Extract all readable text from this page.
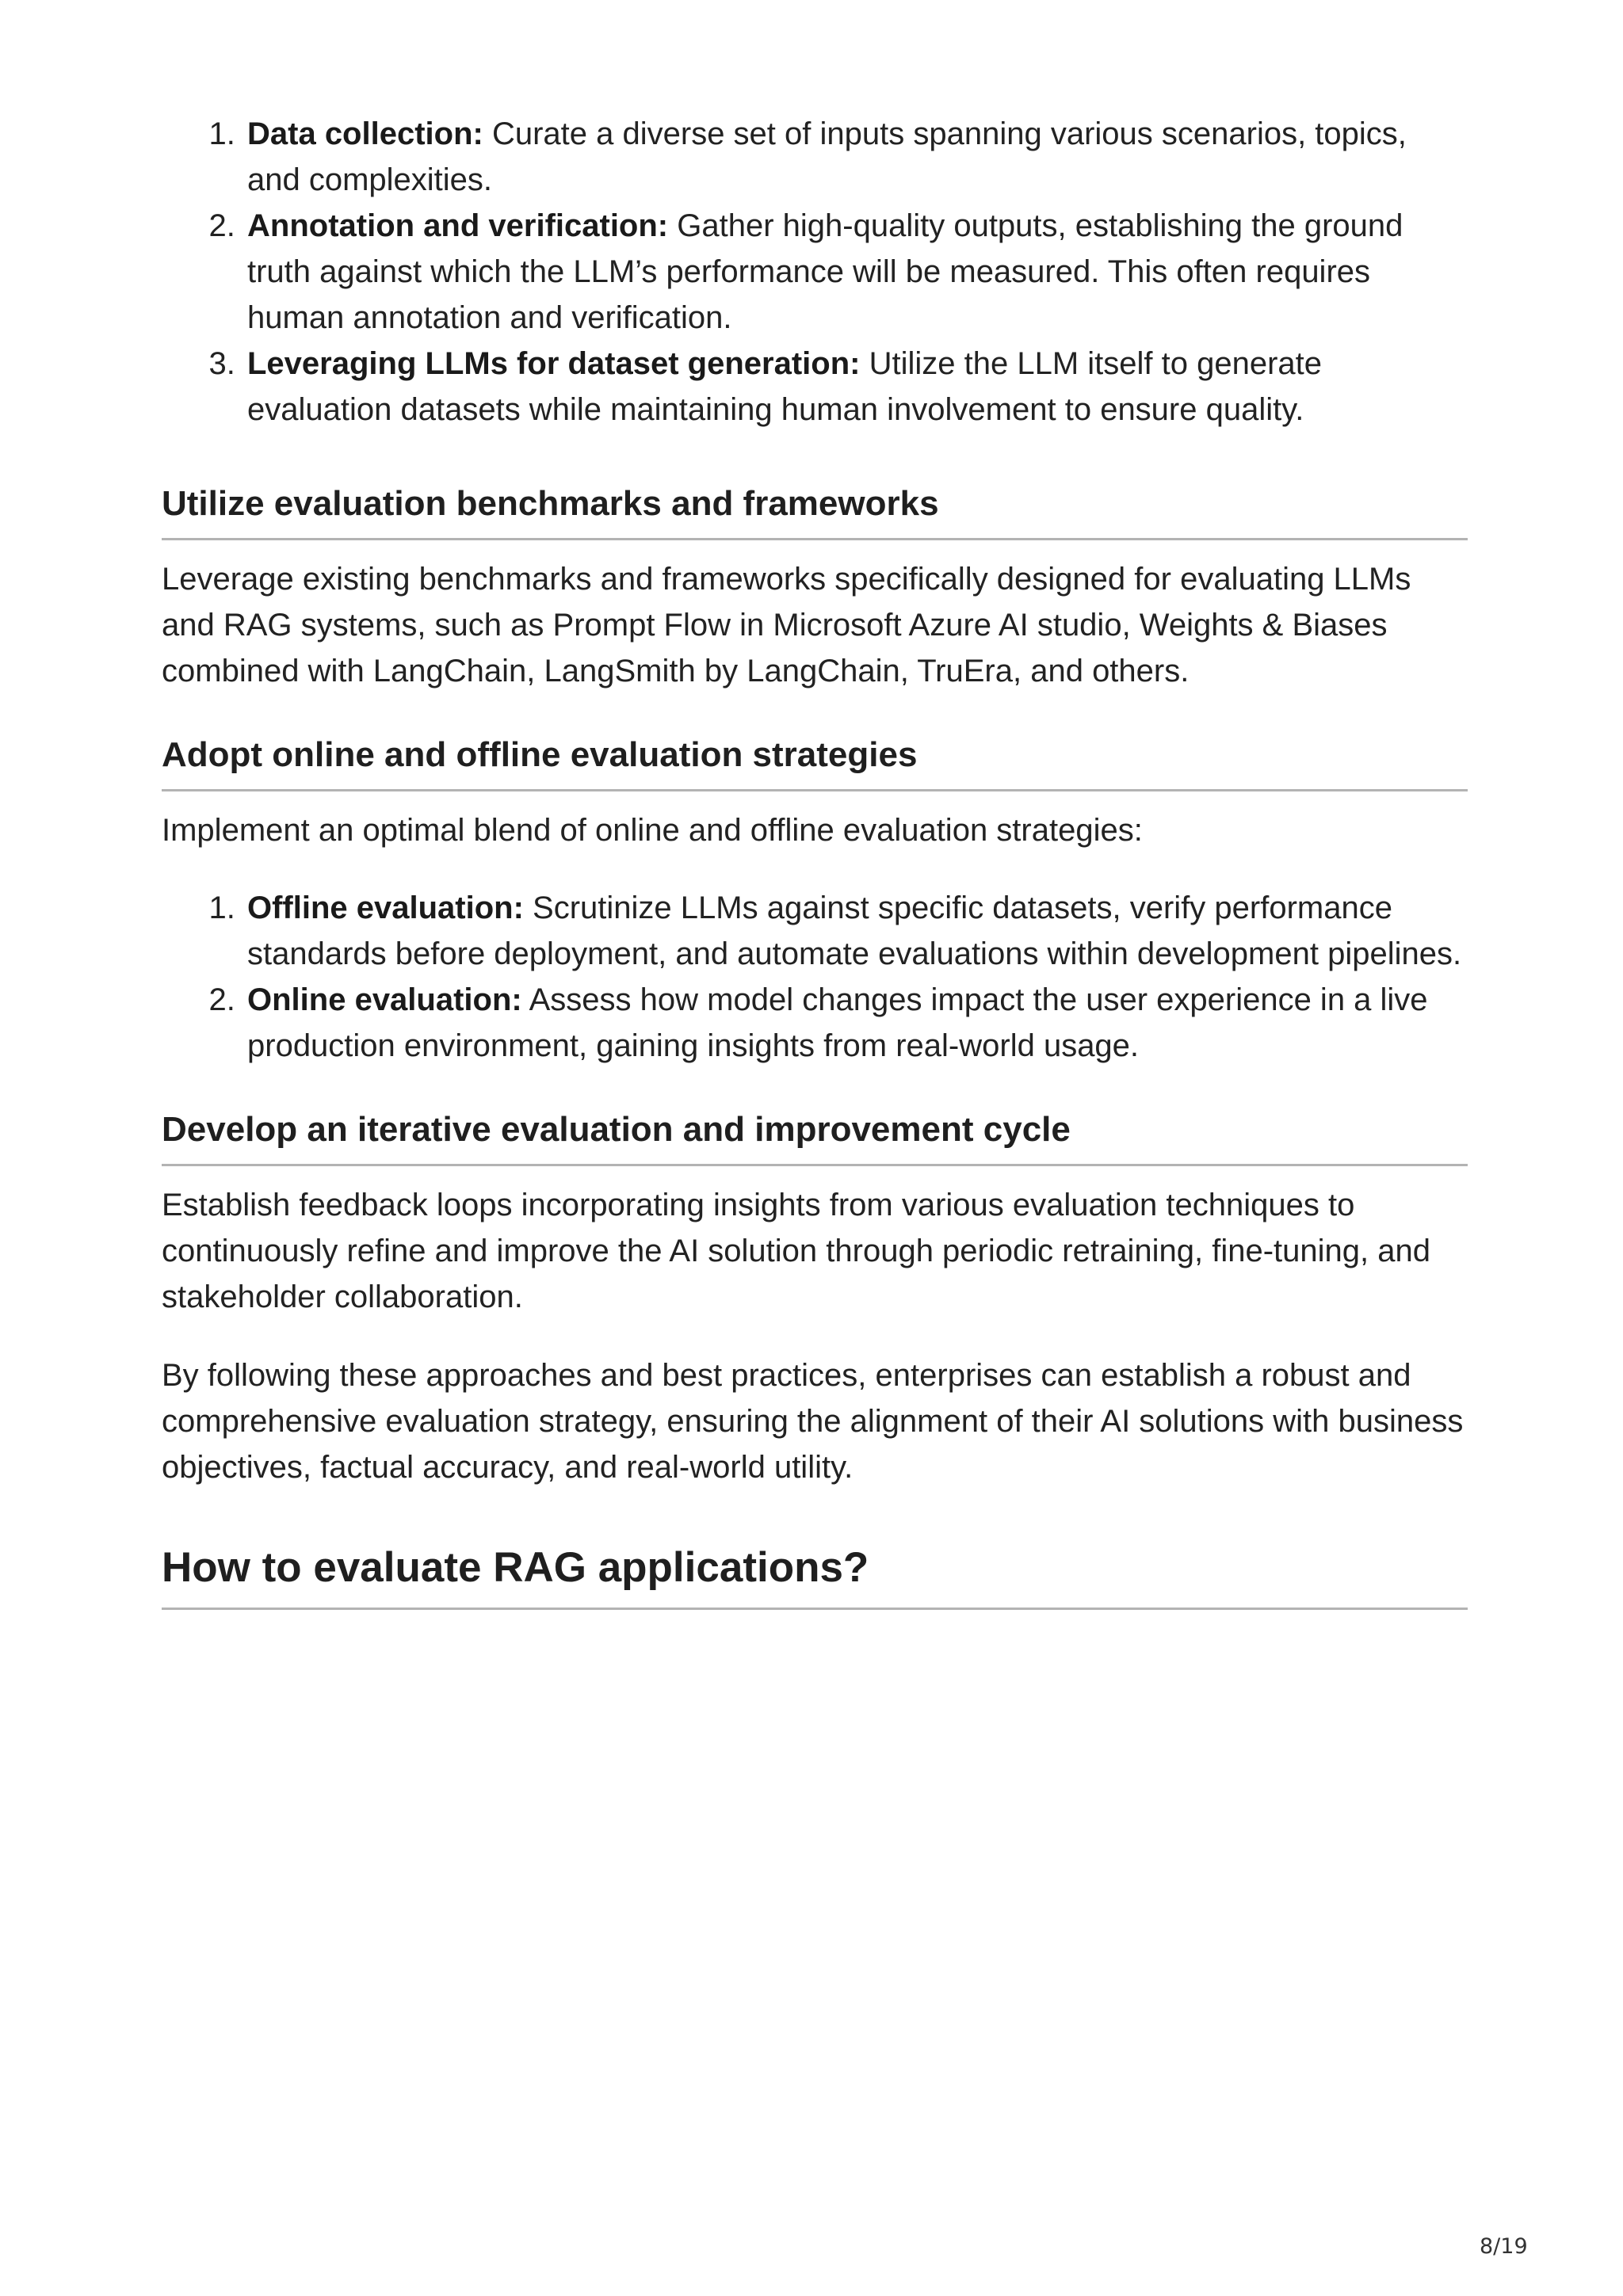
1. Data collection: Curate a diverse set of inputs spanning various scenarios, topics, and complexities.
2. Annotation and verification: Gather high-quality outputs, establishing the ground truth against which the LLM’s performance will be measured. This often requires human annotation and verification.
3. Leveraging LLMs for dataset generation: Utilize the LLM itself to generate evaluation datasets while maintaining human involvement to ensure quality.
Utilize evaluation benchmarks and frameworks

Leverage existing benchmarks and frameworks specifically designed for evaluating LLMs and RAG systems, such as Prompt Flow in Microsoft Azure AI studio, Weights & Biases combined with LangChain, LangSmith by LangChain, TruEra, and others.

Adopt online and offline evaluation strategies

Implement an optimal blend of online and offline evaluation strategies:

1. Offline evaluation: Scrutinize LLMs against specific datasets, verify performance standards before deployment, and automate evaluations within development pipelines.
2. Online evaluation: Assess how model changes impact the user experience in a live production environment, gaining insights from real-world usage.
Develop an iterative evaluation and improvement cycle

Establish feedback loops incorporating insights from various evaluation techniques to continuously refine and improve the AI solution through periodic retraining, fine-tuning, and stakeholder collaboration.

By following these approaches and best practices, enterprises can establish a robust and comprehensive evaluation strategy, ensuring the alignment of their AI solutions with business objectives, factual accuracy, and real-world utility.

How to evaluate RAG applications?
8/19
